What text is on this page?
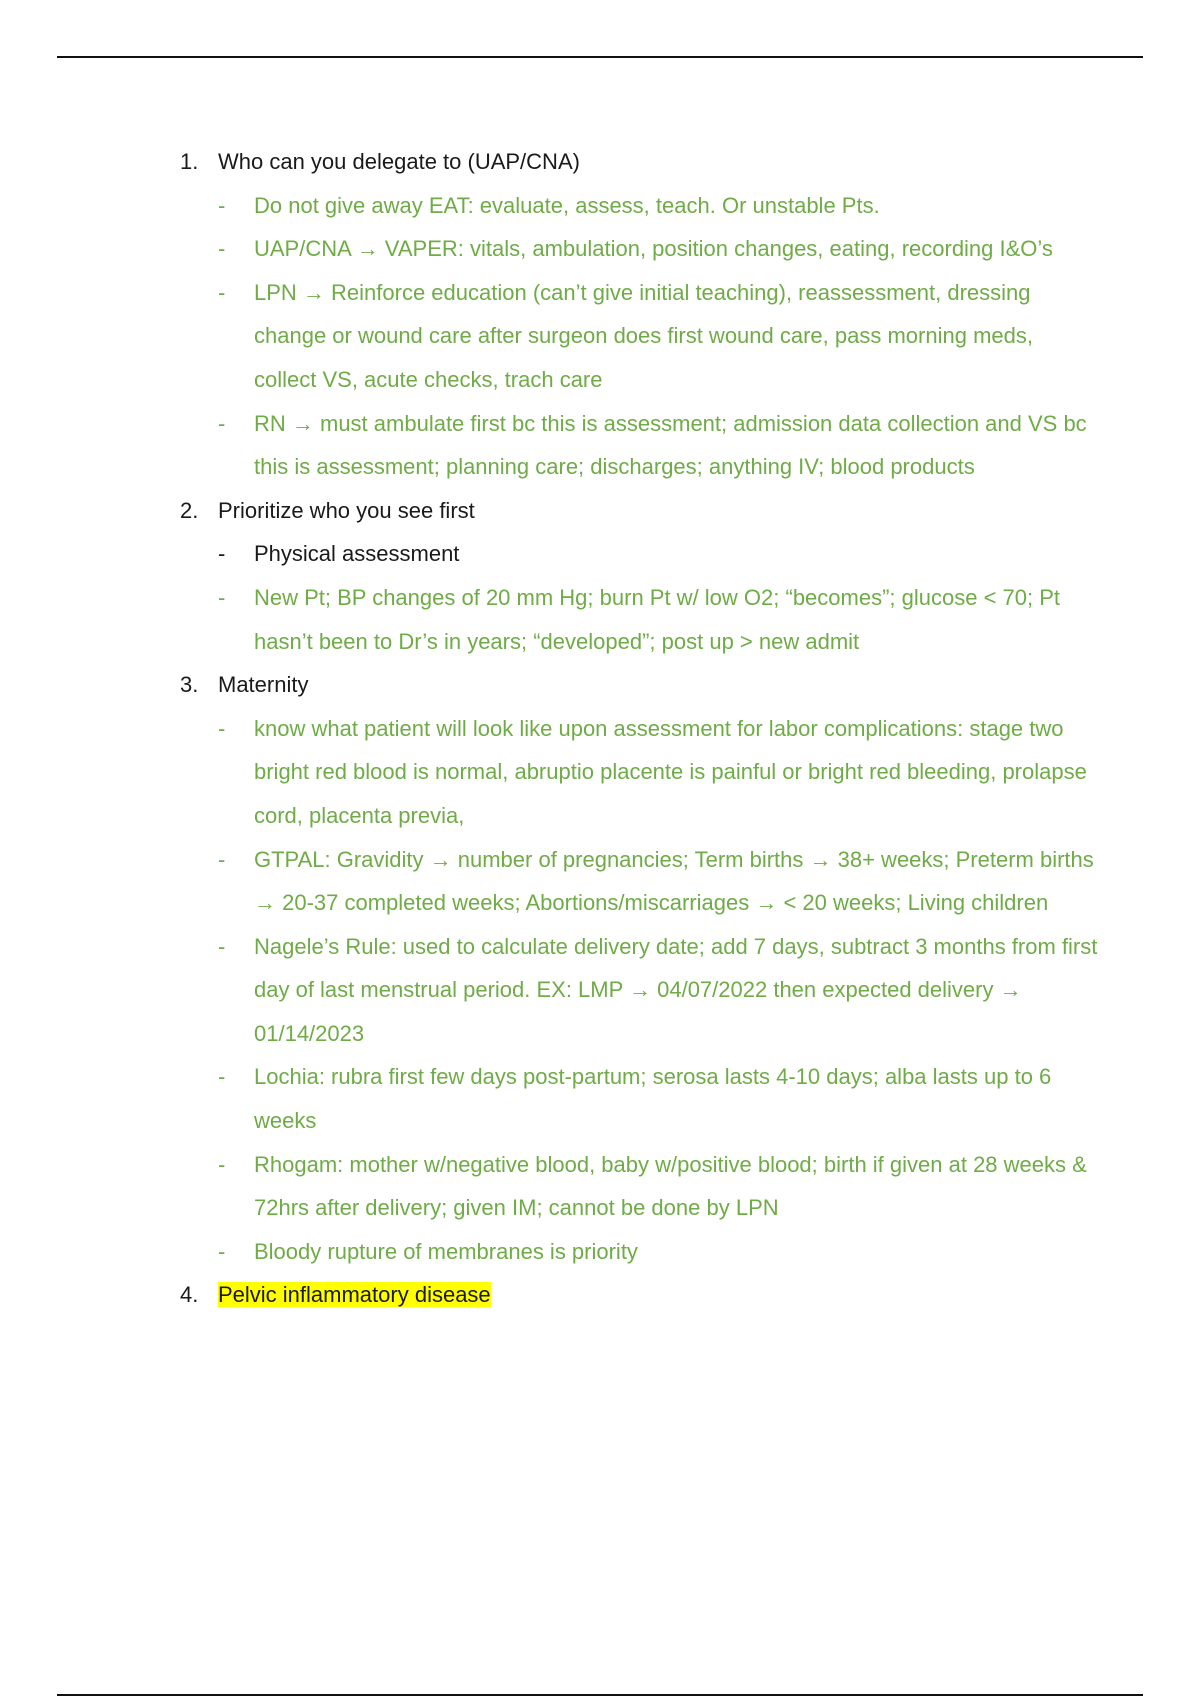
1. Who can you delegate to (UAP/CNA)
- Do not give away EAT: evaluate, assess, teach. Or unstable Pts.
- UAP/CNA → VAPER: vitals, ambulation, position changes, eating, recording I&O’s
- LPN → Reinforce education (can’t give initial teaching), reassessment, dressing change or wound care after surgeon does first wound care, pass morning meds, collect VS, acute checks, trach care
- RN → must ambulate first bc this is assessment; admission data collection and VS bc this is assessment; planning care; discharges; anything IV; blood products
2. Prioritize who you see first
- Physical assessment
- New Pt; BP changes of 20 mm Hg; burn Pt w/ low O2; “becomes”; glucose < 70; Pt hasn’t been to Dr’s in years; “developed”; post up > new admit
3. Maternity
- know what patient will look like upon assessment for labor complications: stage two bright red blood is normal, abruptio placente is painful or bright red bleeding, prolapse cord, placenta previa,
- GTPAL: Gravidity → number of pregnancies; Term births → 38+ weeks; Preterm births → 20-37 completed weeks; Abortions/miscarriages → < 20 weeks; Living children
- Nagele’s Rule: used to calculate delivery date; add 7 days, subtract 3 months from first day of last menstrual period. EX: LMP → 04/07/2022 then expected delivery → 01/14/2023
- Lochia: rubra first few days post-partum; serosa lasts 4-10 days; alba lasts up to 6 weeks
- Rhogam: mother w/negative blood, baby w/positive blood; birth if given at 28 weeks & 72hrs after delivery; given IM; cannot be done by LPN
- Bloody rupture of membranes is priority
4. Pelvic inflammatory disease
